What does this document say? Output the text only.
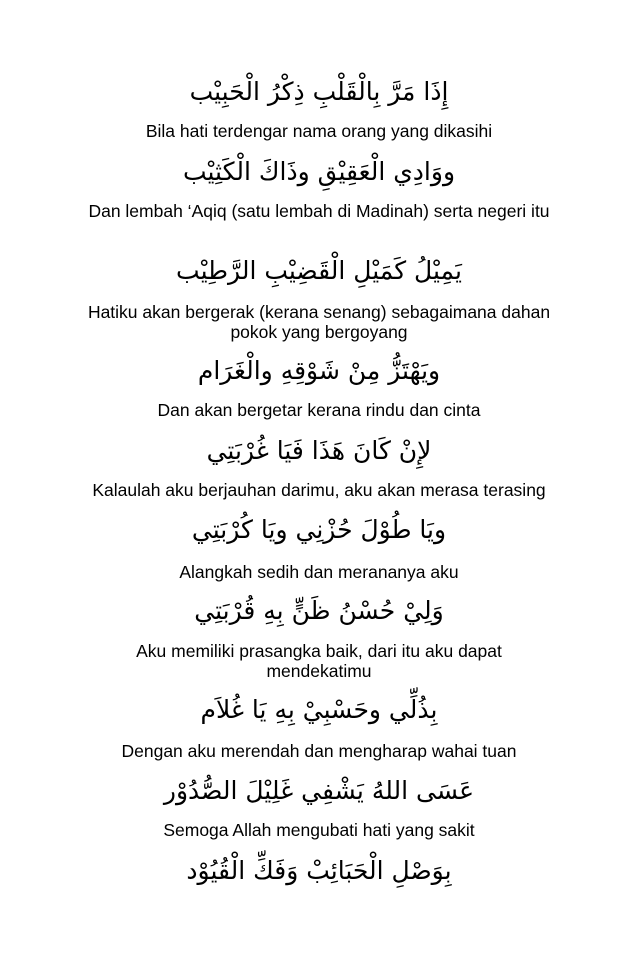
إِذَا مَرَّ بِالْقَلْبِ ذِكْرُ الْحَبِيْب
Bila hati terdengar nama orang yang dikasihi
ووَادِي الْعَقِيْقِ وذَاكَ الْكَثِيْب
Dan lembah ‘Aqiq (satu lembah di Madinah) serta negeri itu
يَمِيْلُ كَمَيْلِ الْقَضِيْبِ الرَّطِيْب
Hatiku akan bergerak (kerana senang) sebagaimana dahan pokok yang bergoyang
ويَهْتَزُّ مِنْ شَوْقِهِ والْغَرَام
Dan akan bergetar kerana rindu dan cinta
لإِنْ كَانَ هَذَا فَيَا غُرْبَتِي
Kalaulah aku berjauhan darimu, aku akan merasa terasing
ويَا طُوْلَ حُزْنِي ويَا كُرْبَتِي
Alangkah sedih dan merananya aku
وَلِيْ حُسْنُ ظَنٍّ بِهِ قُرْبَتِي
Aku memiliki prasangka baik, dari itu aku dapat mendekatimu
بِذُلِّي وحَسْبِيْ بِهِ يَا غُلاَم
Dengan aku merendah dan mengharap wahai tuan
عَسَى اللهُ يَشْفِي غَلِيْلَ الصُّدُوْر
Semoga Allah mengubati hati yang sakit
بِوَصْلِ الْحَبَائِبْ وَفَكِّ الْقُيُوْد
